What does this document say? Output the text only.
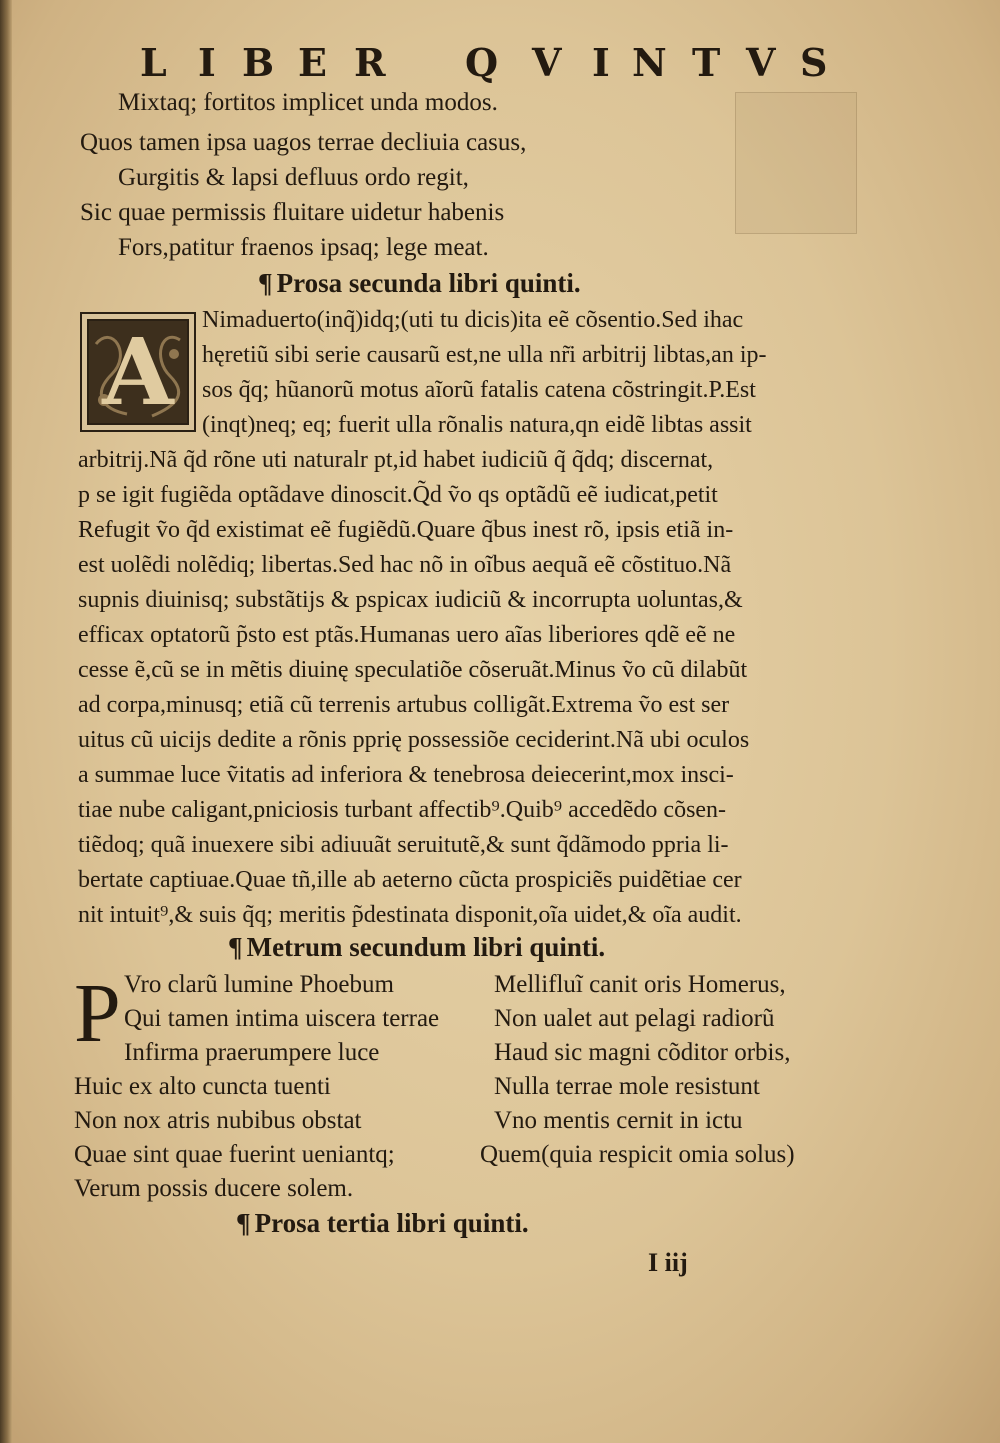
L I B E R Q V I N T V S
Mixtaq; fortitos implicet unda modos.
Quos tamen ipsa uagos terrae decliuia casus,
Gurgitis & lapsi defluus ordo regit,
Sic quae permissis fluitare uidetur habenis
Fors,patitur fraenos ipsaq; lege meat.
¶ Prosa secunda libri quinti.
A Nimaduerto(inq̃)idq;(uti tu dicis)ita eẽ cõsentio.Sed ihac
hęretiũ sibi serie causarũ est,ne ulla nr̃i arbitrij libtas,an ip-
sos q̃q; hũanorũ motus aĩorũ fatalis catena cõstringit.P.Est
(inqt)neq; eq; fuerit ulla rõnalis natura,qn eidẽ libtas assit
arbitrij.Nã q̃d rõne uti naturalr pt,id habet iudiciũ q̃ q̃dq; discernat,
p se igit fugiẽda optãdave dinoscit.Q̃d ṽo qs optãdũ eẽ iudicat,petit
Refugit ṽo q̃d existimat eẽ fugiẽdũ.Quare q̃bus inest rõ, ipsis etiã in-
est uolẽdi nolẽdiq; libertas.Sed hac nõ in oĩbus aequã eẽ cõstituo.Nã
supnis diuinisq; substãtijs & pspicax iudiciũ & incorrupta uoluntas,&
efficax optatorũ p̃sto est ptãs.Humanas uero aĩas liberiores qdẽ eẽ ne
cesse ẽ,cũ se in mẽtis diuinę speculatiõe cõseruãt.Minus ṽo cũ dilabũt
ad corpa,minusq; etiã cũ terrenis artubus colligãt.Extrema ṽo est ser
uitus cũ uicijs dedite a rõnis pprię possessiõe ceciderint.Nã ubi oculos
a summae luce ṽitatis ad inferiora & tenebrosa deiecerint,mox insci-
tiae nube caligant,pniciosis turbant affectib⁹.Quib⁹ accedẽdo cõsen-
tiẽdoq; quã inuexere sibi adiuuãt seruitutẽ,& sunt q̃dãmodo ppria li-
bertate captiuae.Quae tñ,ille ab aeterno cũcta prospiciẽs puidẽtiae cer
nit intuit⁹,& suis q̃q; meritis p̃destinata disponit,oĩa uidet,& oĩa audit.
¶ Metrum secundum libri quinti.
P Vro clarũ lumine Phoebum
Qui tamen intima uiscera terrae
Infirma praerumpere luce
Huic ex alto cuncta tuenti
Non nox atris nubibus obstat
Quae sint quae fuerint ueniantq;
Verum possis ducere solem.
Mellifluĩ canit oris Homerus,
Non ualet aut pelagi radiorũ
Haud sic magni cõditor orbis,
Nulla terrae mole resistunt
Vno mentis cernit in ictu
Quem(quia respicit omia solus)
¶ Prosa tertia libri quinti.
I iij
